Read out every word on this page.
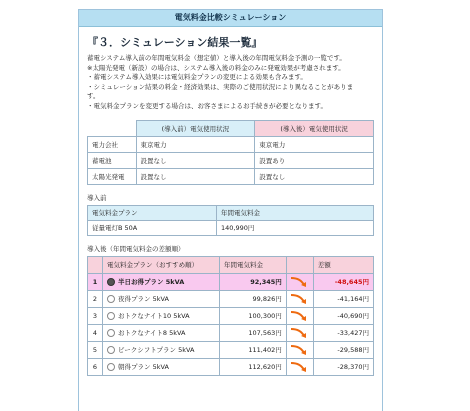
電気料金比較シミュレーション
『３．シミュレーション結果一覧』

蓄電システム導入前の年間電気料金（想定値）と導入後の年間電気料金予測の一覧です。

※太陽光発電（新設）の場合は、システム導入後の料金のみに発電効果が考慮されます。

・蓄電システム導入効果には電気料金プランの変更による効果も含みます。

・シミュレーション結果の料金・経済効果は、実際のご使用状況により異なることがありま

す。

・電気料金プランを変更する場合は、お客さまによるお手続きが必要となります。

	(導入前）電気使用状況	(導入後）電気使用状況
電力会社	東京電力	東京電力
蓄電池	設置なし	設置あり
太陽光発電	設置なし	設置なし
導入前
電気料金プラン	年間電気料金
従量電灯B 50A	140,990円
導入後（年間電気料金の差額順）
	電気料金プラン（おすすめ順）	年間電気料金		差額
1	半日お得プラン 5kVA	92,345円		-48,645円
2	夜得プラン 5kVA	99,826円		-41,164円
3	おトクなナイト10 5kVA	100,300円		-40,690円
4	おトクなナイト8 5kVA	107,563円		-33,427円
5	ピークシフトプラン 5kVA	111,402円		-29,588円
6	朝得プラン 5kVA	112,620円		-28,370円
